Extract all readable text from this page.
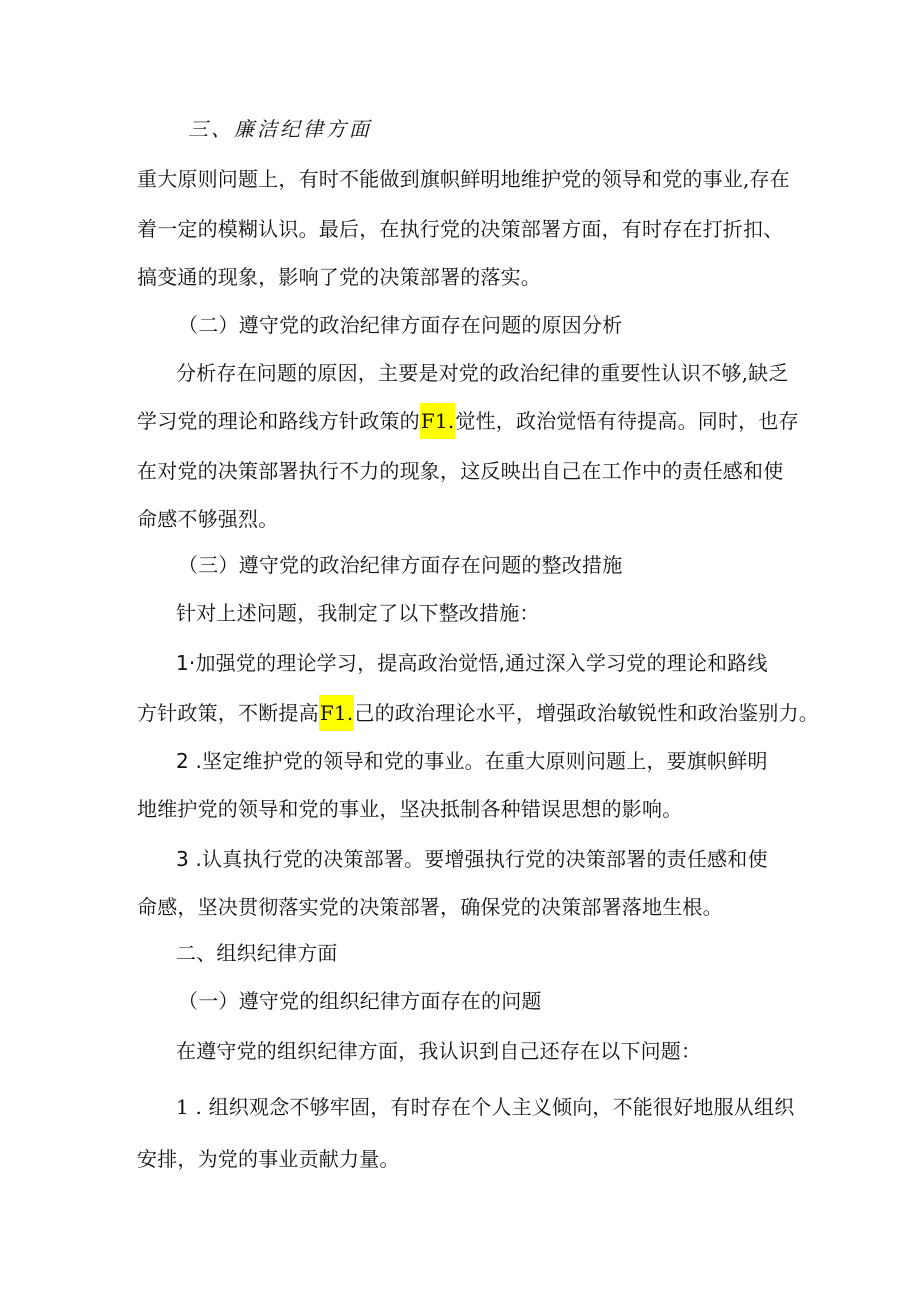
三、廉洁纪律方面
重大原则问题上，有时不能做到旗帜鲜明地维护党的领导和党的事业,存在
着一定的模糊认识。最后，在执行党的决策部署方面，有时存在打折扣、
搞变通的现象，影响了党的决策部署的落实。
（二）遵守党的政治纪律方面存在问题的原因分析
分析存在问题的原因，主要是对党的政治纪律的重要性认识不够,缺乏
学习党的理论和路线方针政策的F1.觉性，政治觉悟有待提高。同时，也存
在对党的决策部署执行不力的现象，这反映出自己在工作中的责任感和使
命感不够强烈。
（三）遵守党的政治纪律方面存在问题的整改措施
针对上述问题，我制定了以下整改措施：
1·加强党的理论学习，提高政治觉悟,通过深入学习党的理论和路线
方针政策，不断提高F1.己的政治理论水平，增强政治敏锐性和政治鉴别力。
2 .坚定维护党的领导和党的事业。在重大原则问题上，要旗帜鲜明
地维护党的领导和党的事业，坚决抵制各种错误思想的影响。
3 .认真执行党的决策部署。要增强执行党的决策部署的责任感和使
命感，坚决贯彻落实党的决策部署，确保党的决策部署落地生根。
二、组织纪律方面
（一）遵守党的组织纪律方面存在的问题
在遵守党的组织纪律方面，我认识到自己还存在以下问题：
1 . 组织观念不够牢固，有时存在个人主义倾向，不能很好地服从组织
安排，为党的事业贡献力量。
